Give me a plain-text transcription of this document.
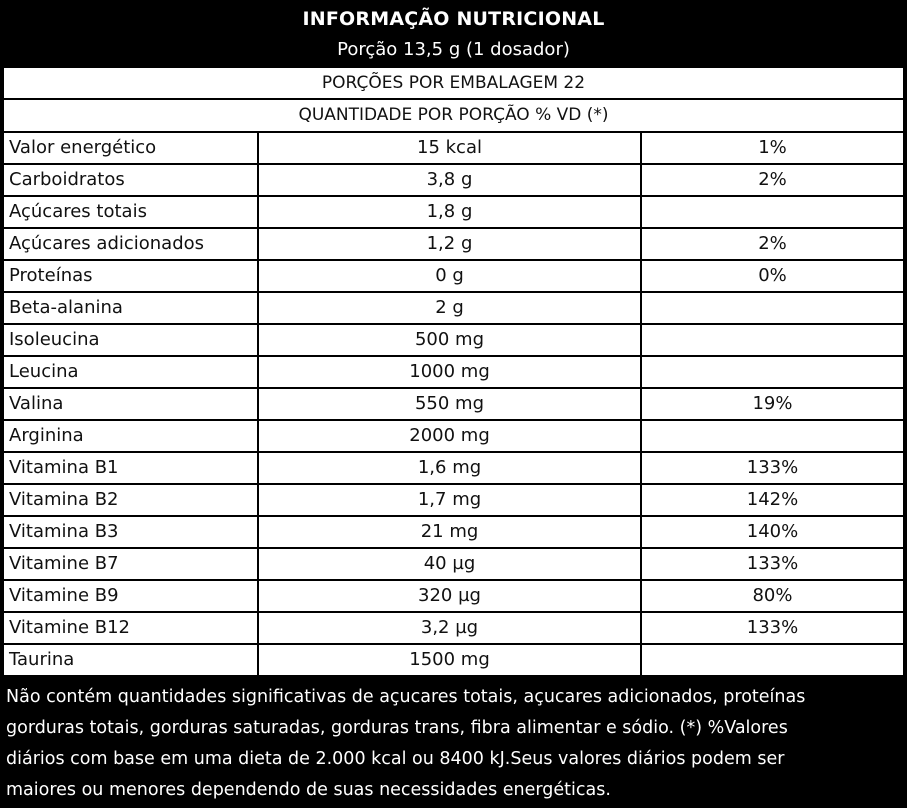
INFORMAÇÃO NUTRICIONAL
Porção 13,5 g (1 dosador)
PORÇÕES POR EMBALAGEM 22
QUANTIDADE POR PORÇÃO % VD (*)
Valor energético	15 kcal	1%
Carboidratos	3,8 g	2%
Açúcares totais	1,8 g
Açúcares adicionados	1,2 g	2%
Proteínas	0 g	0%
Beta-alanina	2 g
Isoleucina	500 mg
Leucina	1000 mg
Valina	550 mg	19%
Arginina	2000 mg
Vitamina B1	1,6 mg	133%
Vitamina B2	1,7 mg	142%
Vitamina B3	21 mg	140%
Vitamine B7	40 µg	133%
Vitamine B9	320 µg	80%
Vitamine B12	3,2 µg	133%
Taurina	1500 mg
Não contém quantidades significativas de açucares totais, açucares adicionados, proteínas
gorduras totais, gorduras saturadas, gorduras trans, fibra alimentar e sódio. (*) %Valores
diários com base em uma dieta de 2.000 kcal ou 8400 kJ.Seus valores diários podem ser
maiores ou menores dependendo de suas necessidades energéticas.
